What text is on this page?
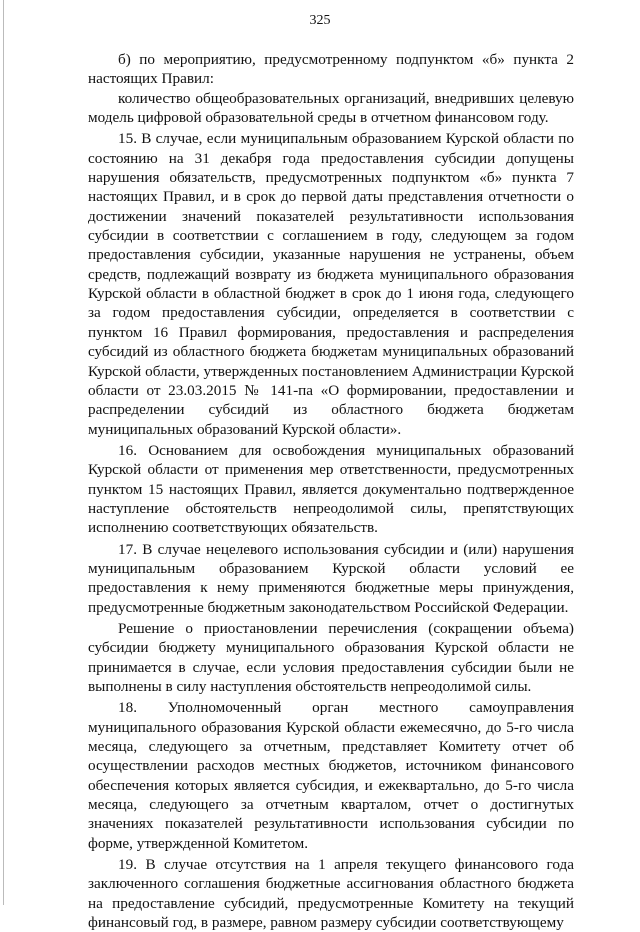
325

б) по мероприятию, предусмотренному подпунктом «б» пункта 2 настоящих Правил:

количество общеобразовательных организаций, внедривших целевую модель цифровой образовательной среды в отчетном финансовом году.

15. В случае, если муниципальным образованием Курской области по состоянию на 31 декабря года предоставления субсидии допущены нарушения обязательств, предусмотренных подпунктом «б» пункта 7 настоящих Правил, и в срок до первой даты представления отчетности о достижении значений показателей результативности использования субсидии в соответствии с соглашением в году, следующем за годом предоставления субсидии, указанные нарушения не устранены, объем средств, подлежащий возврату из бюджета муниципального образования Курской области в областной бюджет в срок до 1 июня года, следующего за годом предоставления субсидии, определяется в соответствии с пунктом 16 Правил формирования, предоставления и распределения субсидий из областного бюджета бюджетам муниципальных образований Курской области, утвержденных постановлением Администрации Курской области от 23.03.2015 № 141-па «О формировании, предоставлении и распределении субсидий из областного бюджета бюджетам муниципальных образований Курской области».

16. Основанием для освобождения муниципальных образований Курской области от применения мер ответственности, предусмотренных пунктом 15 настоящих Правил, является документально подтвержденное наступление обстоятельств непреодолимой силы, препятствующих исполнению соответствующих обязательств.

17. В случае нецелевого использования субсидии и (или) нарушения муниципальным образованием Курской области условий ее предоставления к нему применяются бюджетные меры принуждения, предусмотренные бюджетным законодательством Российской Федерации.

Решение о приостановлении перечисления (сокращении объема) субсидии бюджету муниципального образования Курской области не принимается в случае, если условия предоставления субсидии были не выполнены в силу наступления обстоятельств непреодолимой силы.

18. Уполномоченный орган местного самоуправления муниципального образования Курской области ежемесячно, до 5-го числа месяца, следующего за отчетным, представляет Комитету отчет об осуществлении расходов местных бюджетов, источником финансового обеспечения которых является субсидия, и ежеквартально, до 5-го числа месяца, следующего за отчетным кварталом, отчет о достигнутых значениях показателей результативности использования субсидии по форме, утвержденной Комитетом.

19. В случае отсутствия на 1 апреля текущего финансового года заключенного соглашения бюджетные ассигнования областного бюджета на предоставление субсидий, предусмотренные Комитету на текущий финансовый год, в размере, равном размеру субсидии соответствующему
